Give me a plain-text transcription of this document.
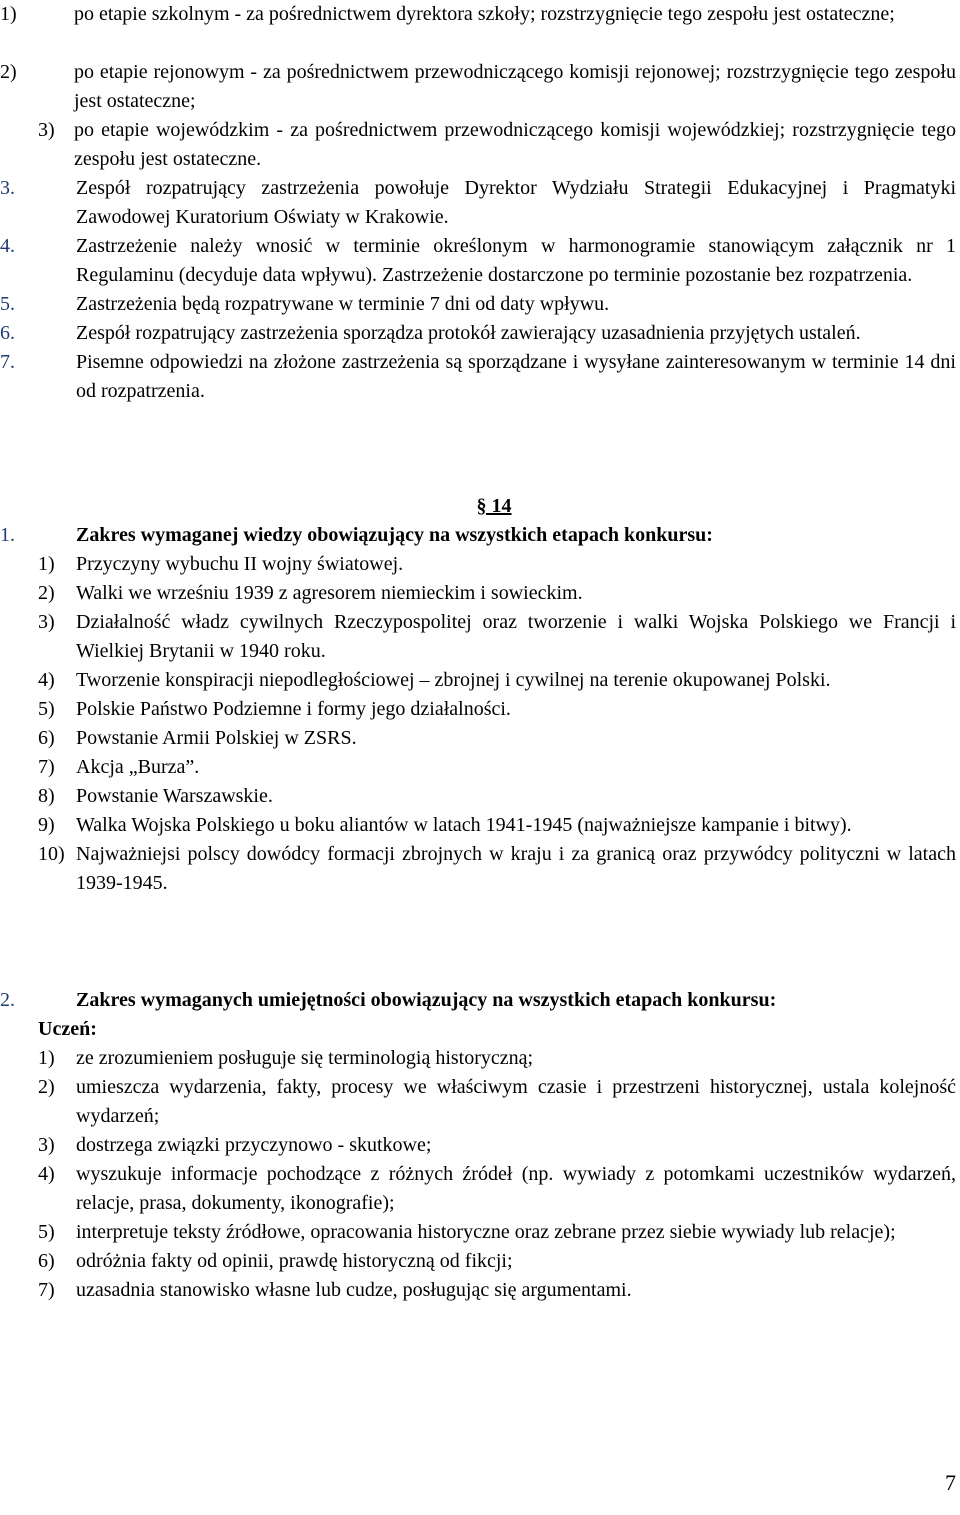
1)	po etapie szkolnym - za pośrednictwem dyrektora szkoły; rozstrzygnięcie tego zespołu jest ostateczne;
2)	po etapie rejonowym - za pośrednictwem przewodniczącego komisji rejonowej; rozstrzygnięcie tego zespołu jest ostateczne;
3) po etapie wojewódzkim - za pośrednictwem przewodniczącego komisji wojewódzkiej; rozstrzygnięcie tego zespołu jest ostateczne.
3.	Zespół rozpatrujący zastrzeżenia powołuje Dyrektor Wydziału Strategii Edukacyjnej i Pragmatyki Zawodowej Kuratorium Oświaty w Krakowie.
4.	Zastrzeżenie należy wnosić w terminie określonym w harmonogramie stanowiącym załącznik nr 1 Regulaminu (decyduje data wpływu). Zastrzeżenie dostarczone po terminie pozostanie bez rozpatrzenia.
5.	Zastrzeżenia będą rozpatrywane w terminie 7 dni od daty wpływu.
6.	Zespół rozpatrujący zastrzeżenia sporządza protokół zawierający uzasadnienia przyjętych ustaleń.
7.	Pisemne odpowiedzi na złożone zastrzeżenia są sporządzane i wysyłane zainteresowanym w terminie 14 dni od rozpatrzenia.
§ 14
1.	Zakres wymaganej wiedzy obowiązujący na wszystkich etapach konkursu:
1) Przyczyny wybuchu II wojny światowej.
2) Walki we wrześniu 1939 z agresorem niemieckim i sowieckim.
3) Działalność władz cywilnych Rzeczypospolitej oraz tworzenie i walki Wojska Polskiego we Francji i Wielkiej Brytanii w 1940 roku.
4) Tworzenie konspiracji niepodległościowej – zbrojnej i cywilnej na terenie okupowanej Polski.
5) Polskie Państwo Podziemne i formy jego działalności.
6) Powstanie Armii Polskiej w ZSRS.
7) Akcja „Burza”.
8) Powstanie Warszawskie.
9) Walka Wojska Polskiego u boku aliantów w latach 1941-1945 (najważniejsze kampanie i bitwy).
10) Najważniejsi polscy dowódcy formacji zbrojnych w kraju i za granicą oraz przywódcy polityczni w latach 1939-1945.
2.	Zakres wymaganych umiejętności obowiązujący na wszystkich etapach konkursu:
Uczeń:
1) ze zrozumieniem posługuje się terminologią historyczną;
2) umieszcza wydarzenia, fakty, procesy we właściwym czasie i przestrzeni historycznej, ustala kolejność wydarzeń;
3) dostrzega związki przyczynowo - skutkowe;
4) wyszukuje informacje pochodzące z różnych źródeł (np. wywiady z potomkami uczestników wydarzeń, relacje, prasa, dokumenty, ikonografie);
5) interpretuje teksty źródłowe, opracowania historyczne oraz zebrane przez siebie wywiady lub relacje);
6) odróżnia fakty od opinii, prawdę historyczną od fikcji;
7) uzasadnia stanowisko własne lub cudze, posługując się argumentami.
7
